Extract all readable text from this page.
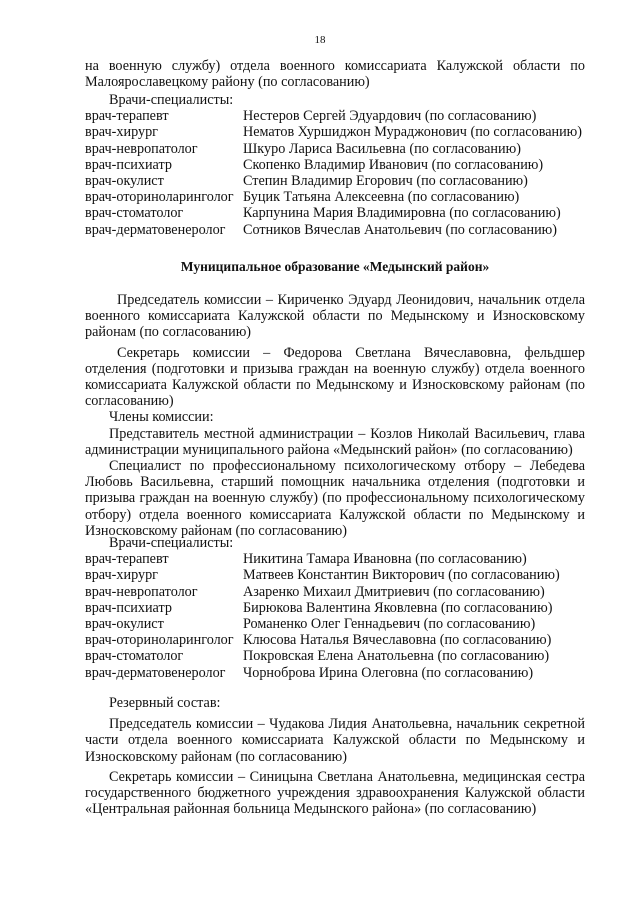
18

на военную службу) отдела военного комиссариата Калужской области по Малоярославецкому району (по согласованию)

Врачи-специалисты:

врач-терапевт	Нестеров Сергей Эдуардович (по согласованию)
врач-хирург	Нематов Хуршиджон Мураджонович (по согласованию)
врач-невропатолог	Шкуро Лариса Васильевна (по согласованию)
врач-психиатр	Скопенко Владимир Иванович (по согласованию)
врач-окулист	Степин Владимир Егорович (по согласованию)
врач-оториноларинголог Буцик Татьяна Алексеевна (по согласованию)
врач-стоматолог	Карпунина Мария Владимировна (по согласованию)
врач-дерматовенеролог	Сотников Вячеслав Анатольевич (по согласованию)

Муниципальное образование «Медынский район»

Председатель комиссии – Кириченко Эдуард Леонидович, начальник отдела военного комиссариата Калужской области по Медынскому и Износковскому районам (по согласованию)

Секретарь комиссии – Федорова Светлана Вячеславовна, фельдшер отделения (подготовки и призыва граждан на военную службу) отдела военного комиссариата Калужской области по Медынскому и Износковскому районам (по согласованию)

Члены комиссии:

Представитель местной администрации – Козлов Николай Васильевич, глава администрации муниципального района «Медынский район» (по согласованию)

Специалист по профессиональному психологическому отбору – Лебедева Любовь Васильевна, старший помощник начальника отделения (подготовки и призыва граждан на военную службу) (по профессиональному психологическому отбору) отдела военного комиссариата Калужской области по Медынскому и Износковскому районам (по согласованию)

Врачи-специалисты:

врач-терапевт	Никитина Тамара Ивановна (по согласованию)
врач-хирург	Матвеев Константин Викторович (по согласованию)
врач-невропатолог	Азаренко Михаил Дмитриевич (по согласованию)
врач-психиатр	Бирюкова Валентина Яковлевна (по согласованию)
врач-окулист	Романенко Олег Геннадьевич (по согласованию)
врач-оториноларинголог Клюсова Наталья Вячеславовна (по согласованию)
врач-стоматолог	Покровская Елена Анатольевна (по согласованию)
врач-дерматовенеролог	Чорноброва Ирина Олеговна (по согласованию)

Резервный состав:

Председатель комиссии – Чудакова Лидия Анатольевна, начальник секретной части отдела военного комиссариата Калужской области по Медынскому и Износковскому районам (по согласованию)

Секретарь комиссии – Синицына Светлана Анатольевна, медицинская сестра государственного бюджетного учреждения здравоохранения Калужской области «Центральная районная больница Медынского района» (по согласованию)
